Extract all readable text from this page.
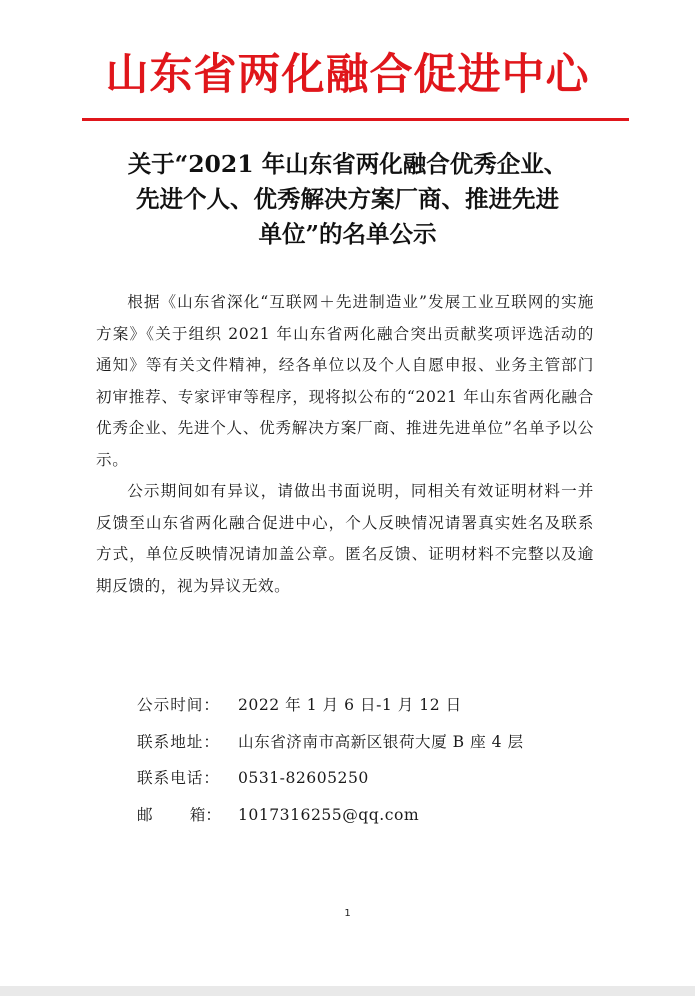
山东省两化融合促进中心
关于“2021 年山东省两化融合优秀企业、
先进个人、优秀解决方案厂商、推进先进
单位”的名单公示

根据《山东省深化“互联网＋先进制造业”发展工业互联网的实施方案》《关于组织 2021 年山东省两化融合突出贡献奖项评选活动的通知》等有关文件精神，经各单位以及个人自愿申报、业务主管部门初审推荐、专家评审等程序，现将拟公布的“2021 年山东省两化融合优秀企业、先进个人、优秀解决方案厂商、推进先进单位”名单予以公示。

公示期间如有异议，请做出书面说明，同相关有效证明材料一并反馈至山东省两化融合促进中心，个人反映情况请署真实姓名及联系方式，单位反映情况请加盖公章。匿名反馈、证明材料不完整以及逾期反馈的，视为异议无效。

公示时间：	2022 年 1 月 6 日-1 月 12 日
联系地址：	山东省济南市高新区银荷大厦 B 座 4 层
联系电话：	0531-82605250
邮 箱： 1017316255@qq.com
1
